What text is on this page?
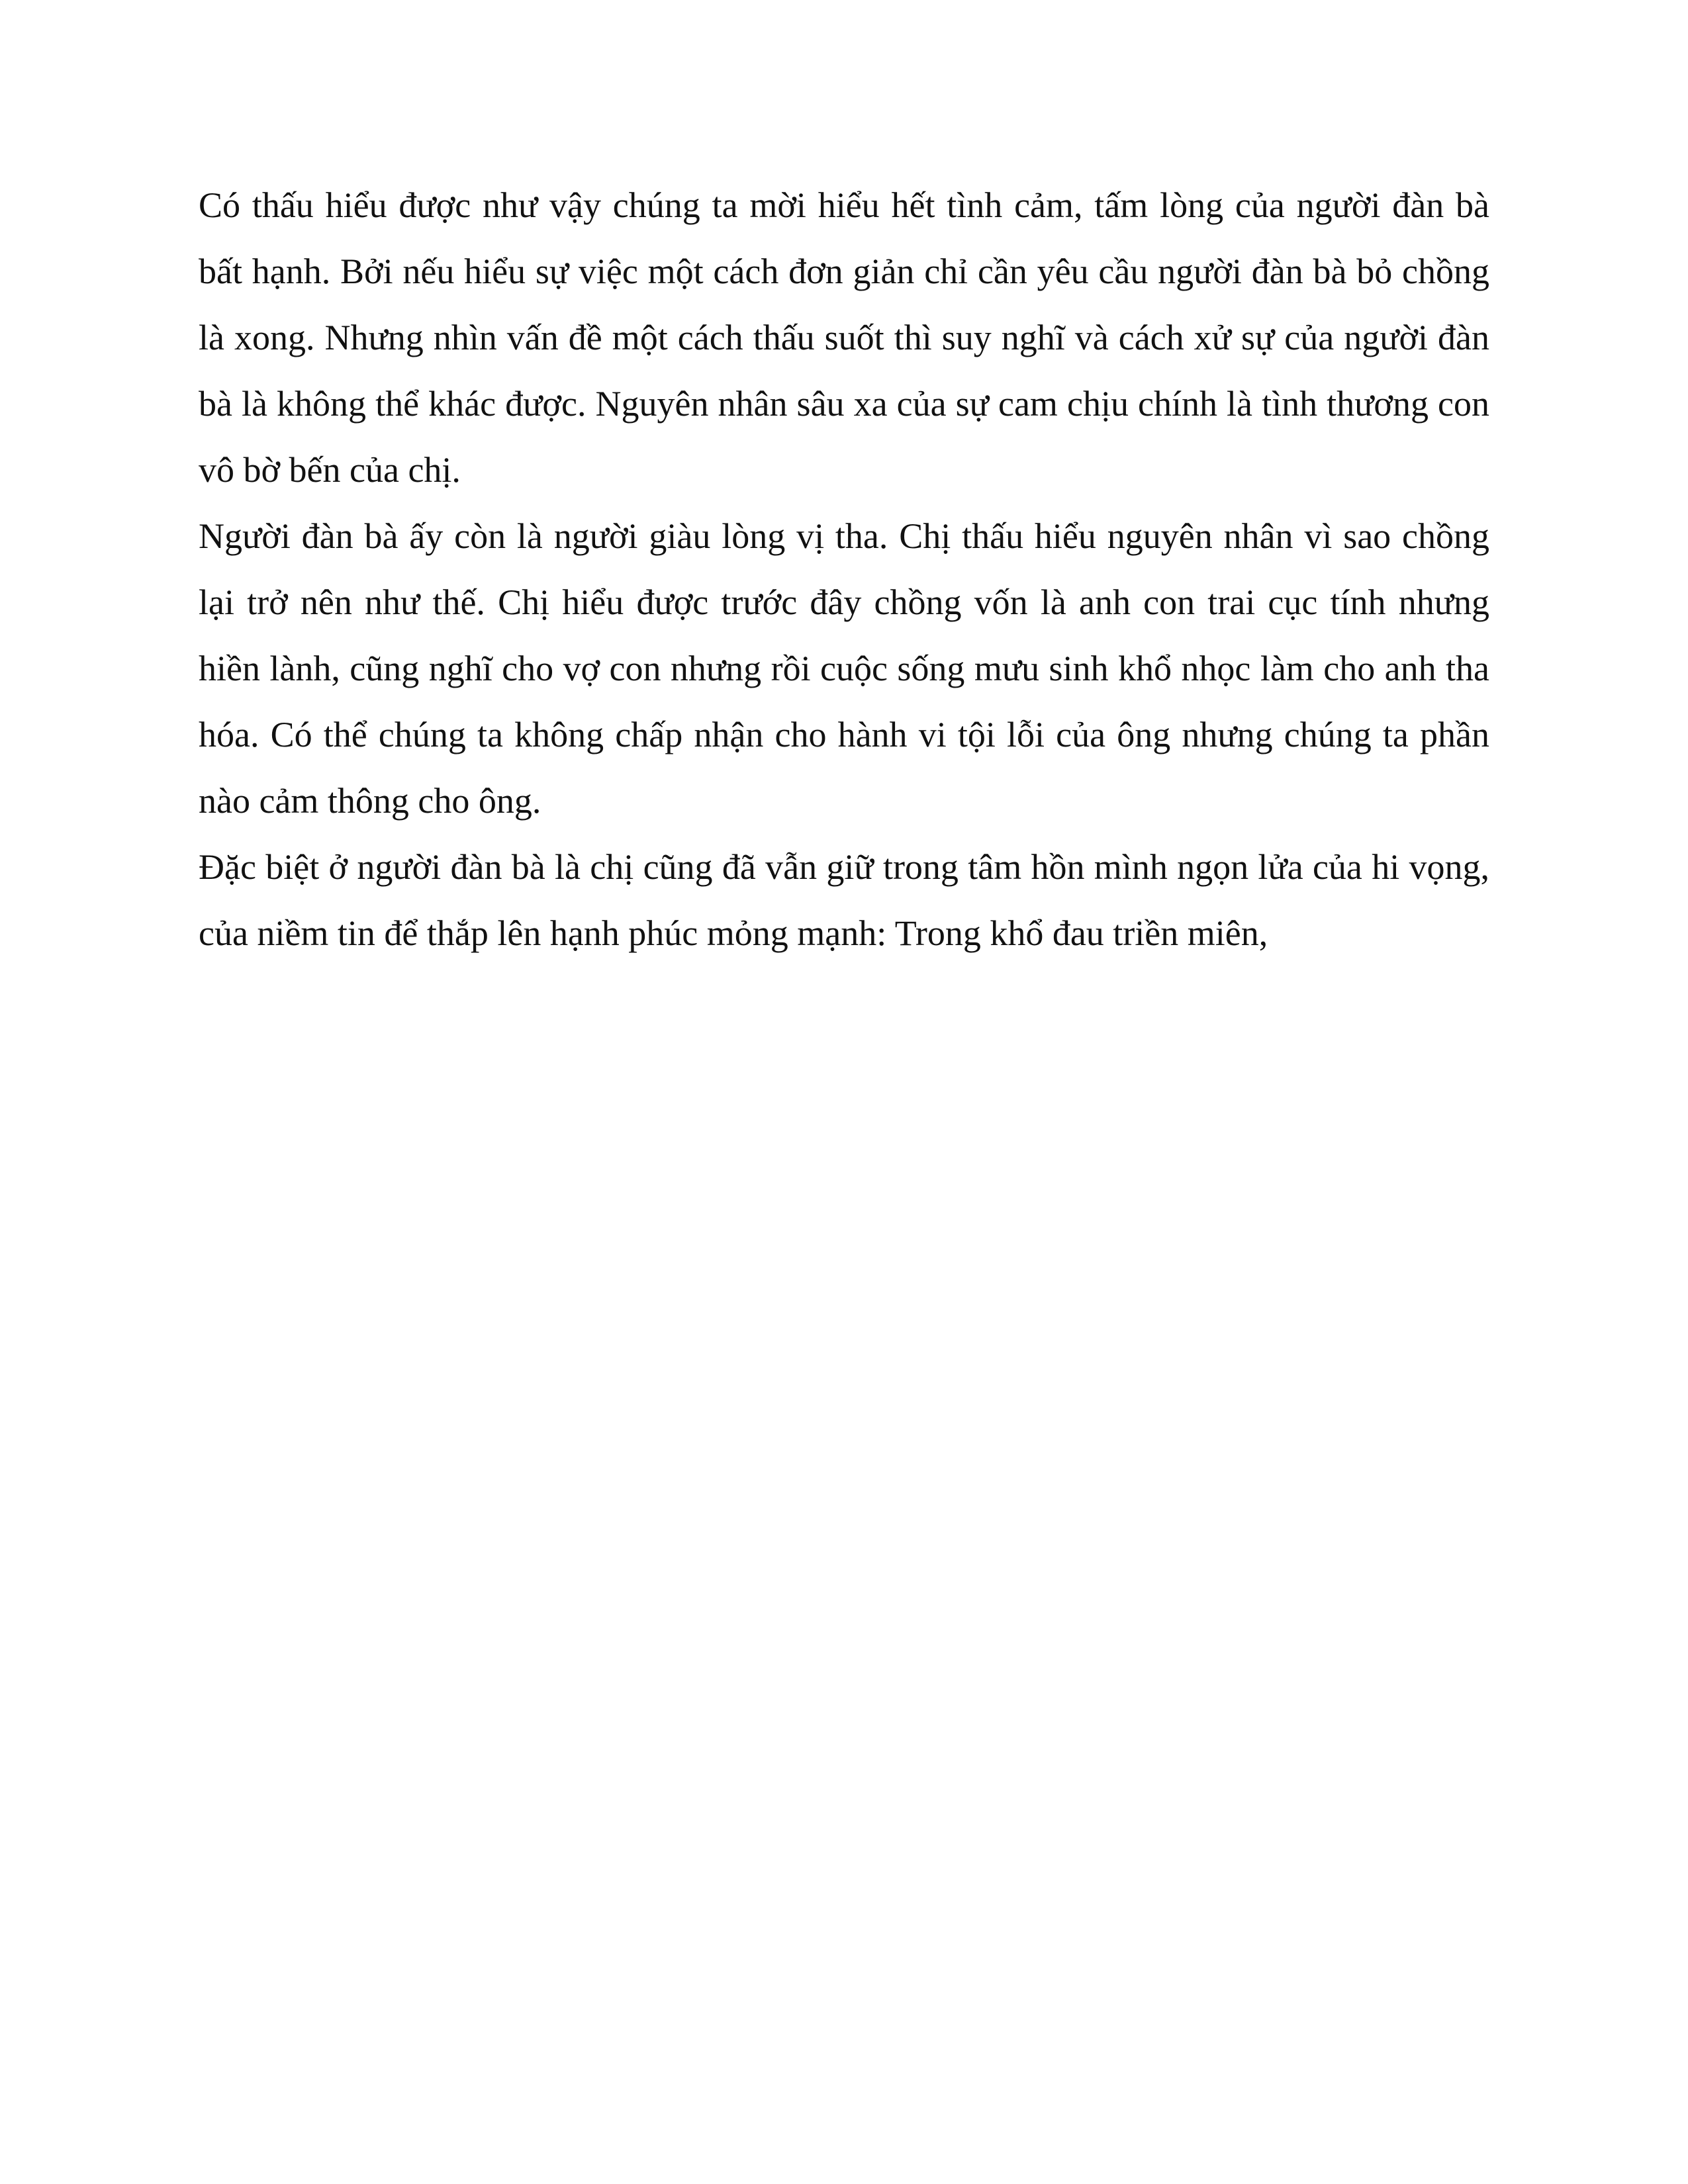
Có thấu hiểu được như vậy chúng ta mời hiểu hết tình cảm, tấm lòng của người đàn bà bất hạnh. Bởi nếu hiểu sự việc một cách đơn giản chỉ cần yêu cầu người đàn bà bỏ chồng là xong. Nhưng nhìn vấn đề một cách thấu suốt thì suy nghĩ và cách xử sự của người đàn bà là không thể khác được. Nguyên nhân sâu xa của sự cam chịu chính là tình thương con vô bờ bến của chị.

Người đàn bà ấy còn là người giàu lòng vị tha. Chị thấu hiểu nguyên nhân vì sao chồng lại trở nên như thế. Chị hiểu được trước đây chồng vốn là anh con trai cục tính nhưng hiền lành, cũng nghĩ cho vợ con nhưng rồi cuộc sống mưu sinh khổ nhọc làm cho anh tha hóa. Có thể chúng ta không chấp nhận cho hành vi tội lỗi của ông nhưng chúng ta phần nào cảm thông cho ông.

Đặc biệt ở người đàn bà là chị cũng đã vẫn giữ trong tâm hồn mình ngọn lửa của hi vọng, của niềm tin để thắp lên hạnh phúc mỏng mạnh: Trong khổ đau triền miên,
